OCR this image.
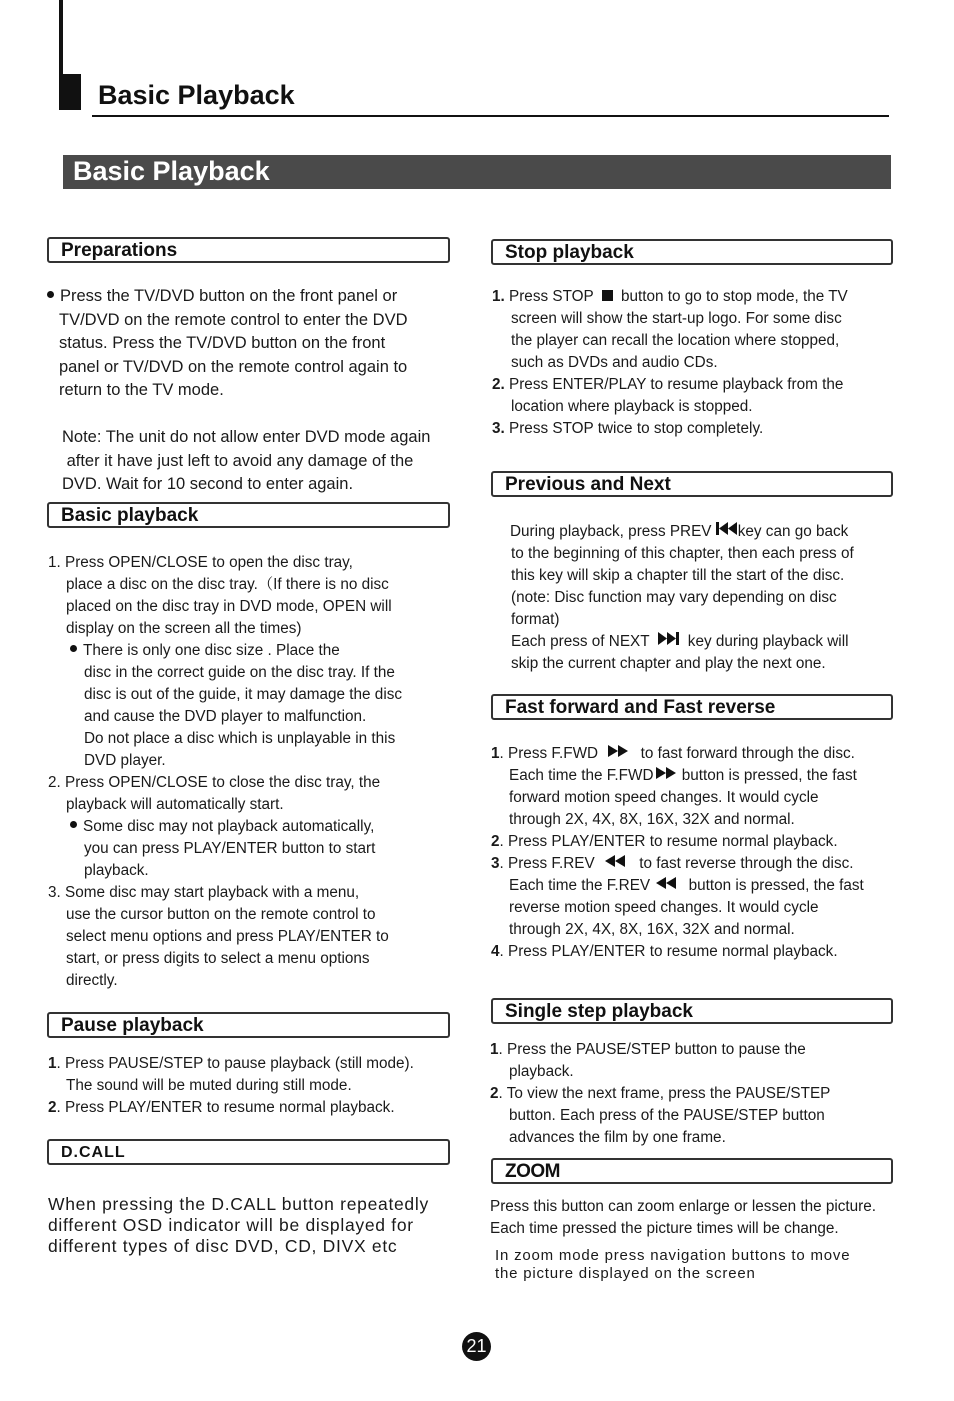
Basic Playback
Basic Playback
Preparations
Press the TV/DVD button on the front panel or
TV/DVD on the remote control to enter the DVD
status. Press the TV/DVD button on the front
panel or TV/DVD on the remote control again to
return to the TV mode.
Note: The unit do not allow enter DVD mode again
after it have just left to avoid any damage of the
DVD. Wait for 10 second to enter again.
Basic playback
1. Press OPEN/CLOSE to open the disc tray,
place a disc on the disc tray.（If there is no disc
placed on the disc tray in DVD mode, OPEN will
display on the screen all the times)
There is only one disc size . Place the
disc in the correct guide on the disc tray. If the
disc is out of the guide, it may damage the disc
and cause the DVD player to malfunction.
Do not place a disc which is unplayable in this
DVD player.
2. Press OPEN/CLOSE to close the disc tray, the
playback will automatically start.
Some disc may not playback automatically,
you can press PLAY/ENTER button to start
playback.
3. Some disc may start playback with a menu,
use the cursor button on the remote control to
select menu options and press PLAY/ENTER to
start, or press digits to select a menu options
directly.
Pause playback
1. Press PAUSE/STEP to pause playback (still mode).
The sound will be muted during still mode.
2. Press PLAY/ENTER to resume normal playback.
D.CALL
When pressing the D.CALL button repeatedly
different OSD indicator will be displayed for
different types of disc DVD, CD, DIVX etc
Stop playback
1. Press STOP  button to go to stop mode, the TV
screen will show the start-up logo. For some disc
the player can recall the location where stopped,
such as DVDs and audio CDs.
2. Press ENTER/PLAY to resume playback from the
location where playback is stopped.
3. Press STOP twice to stop completely.
Previous and Next
During playback, press PREV key can go back
to the beginning of this chapter, then each press of
this key will skip a chapter till the start of the disc.
(note: Disc function may vary depending on disc
format)
Each press of NEXT  key during playback will
skip the current chapter and play the next one.
Fast forward and Fast reverse
1. Press F.FWD  to fast forward through the disc.
Each time the F.FWD button is pressed, the fast
forward motion speed changes. It would cycle
through 2X, 4X, 8X, 16X, 32X and normal.
2. Press PLAY/ENTER to resume normal playback.
3. Press F.REV  to fast reverse through the disc.
Each time the F.REV  button is pressed, the fast
reverse motion speed changes. It would cycle
through 2X, 4X, 8X, 16X, 32X and normal.
4. Press PLAY/ENTER to resume normal playback.
Single step playback
1. Press the PAUSE/STEP button to pause the
playback.
2. To view the next frame, press the PAUSE/STEP
button. Each press of the PAUSE/STEP button
advances the film by one frame.
ZOOM
Press this button can zoom enlarge or lessen the picture.
Each time pressed the picture times will be change.
In zoom mode press navigation buttons to move
the picture displayed on the screen
21
